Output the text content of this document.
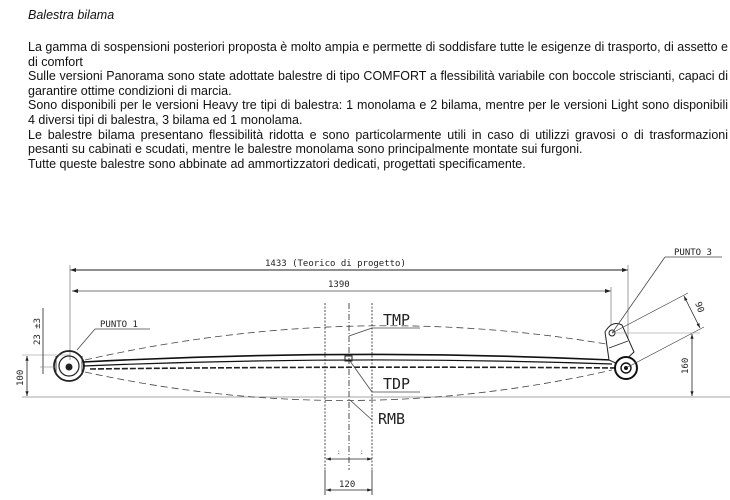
Balestra bilama

La gamma di sospensioni posteriori proposta è molto ampia e permette di soddisfare tutte le esigenze di trasporto, di assetto e di comfort

Sulle versioni Panorama sono state adottate balestre di tipo COMFORT a flessibilità variabile con boccole striscianti, capaci di garantire ottime condizioni di marcia.

Sono disponibili per le versioni Heavy tre tipi di balestra: 1 monolama e 2 bilama, mentre per le versioni Light sono disponibili 4 diversi tipi di balestra, 3 bilama ed 1 monolama.

Le balestre bilama presentano flessibilità ridotta e sono particolarmente utili in caso di utilizzi gravosi o di trasformazioni pesanti su cabinati e scudati, mentre le balestre monolama sono principalmente montate sui furgoni.

Tutte queste balestre sono abbinate ad ammortizzatori dedicati, progettati specificamente.

1433 (Teorico di progetto)
1390
PUNTO 1
100
23 ±3	TMP
TDP
RMB
:	:
120
PUNTO 3
90
160
